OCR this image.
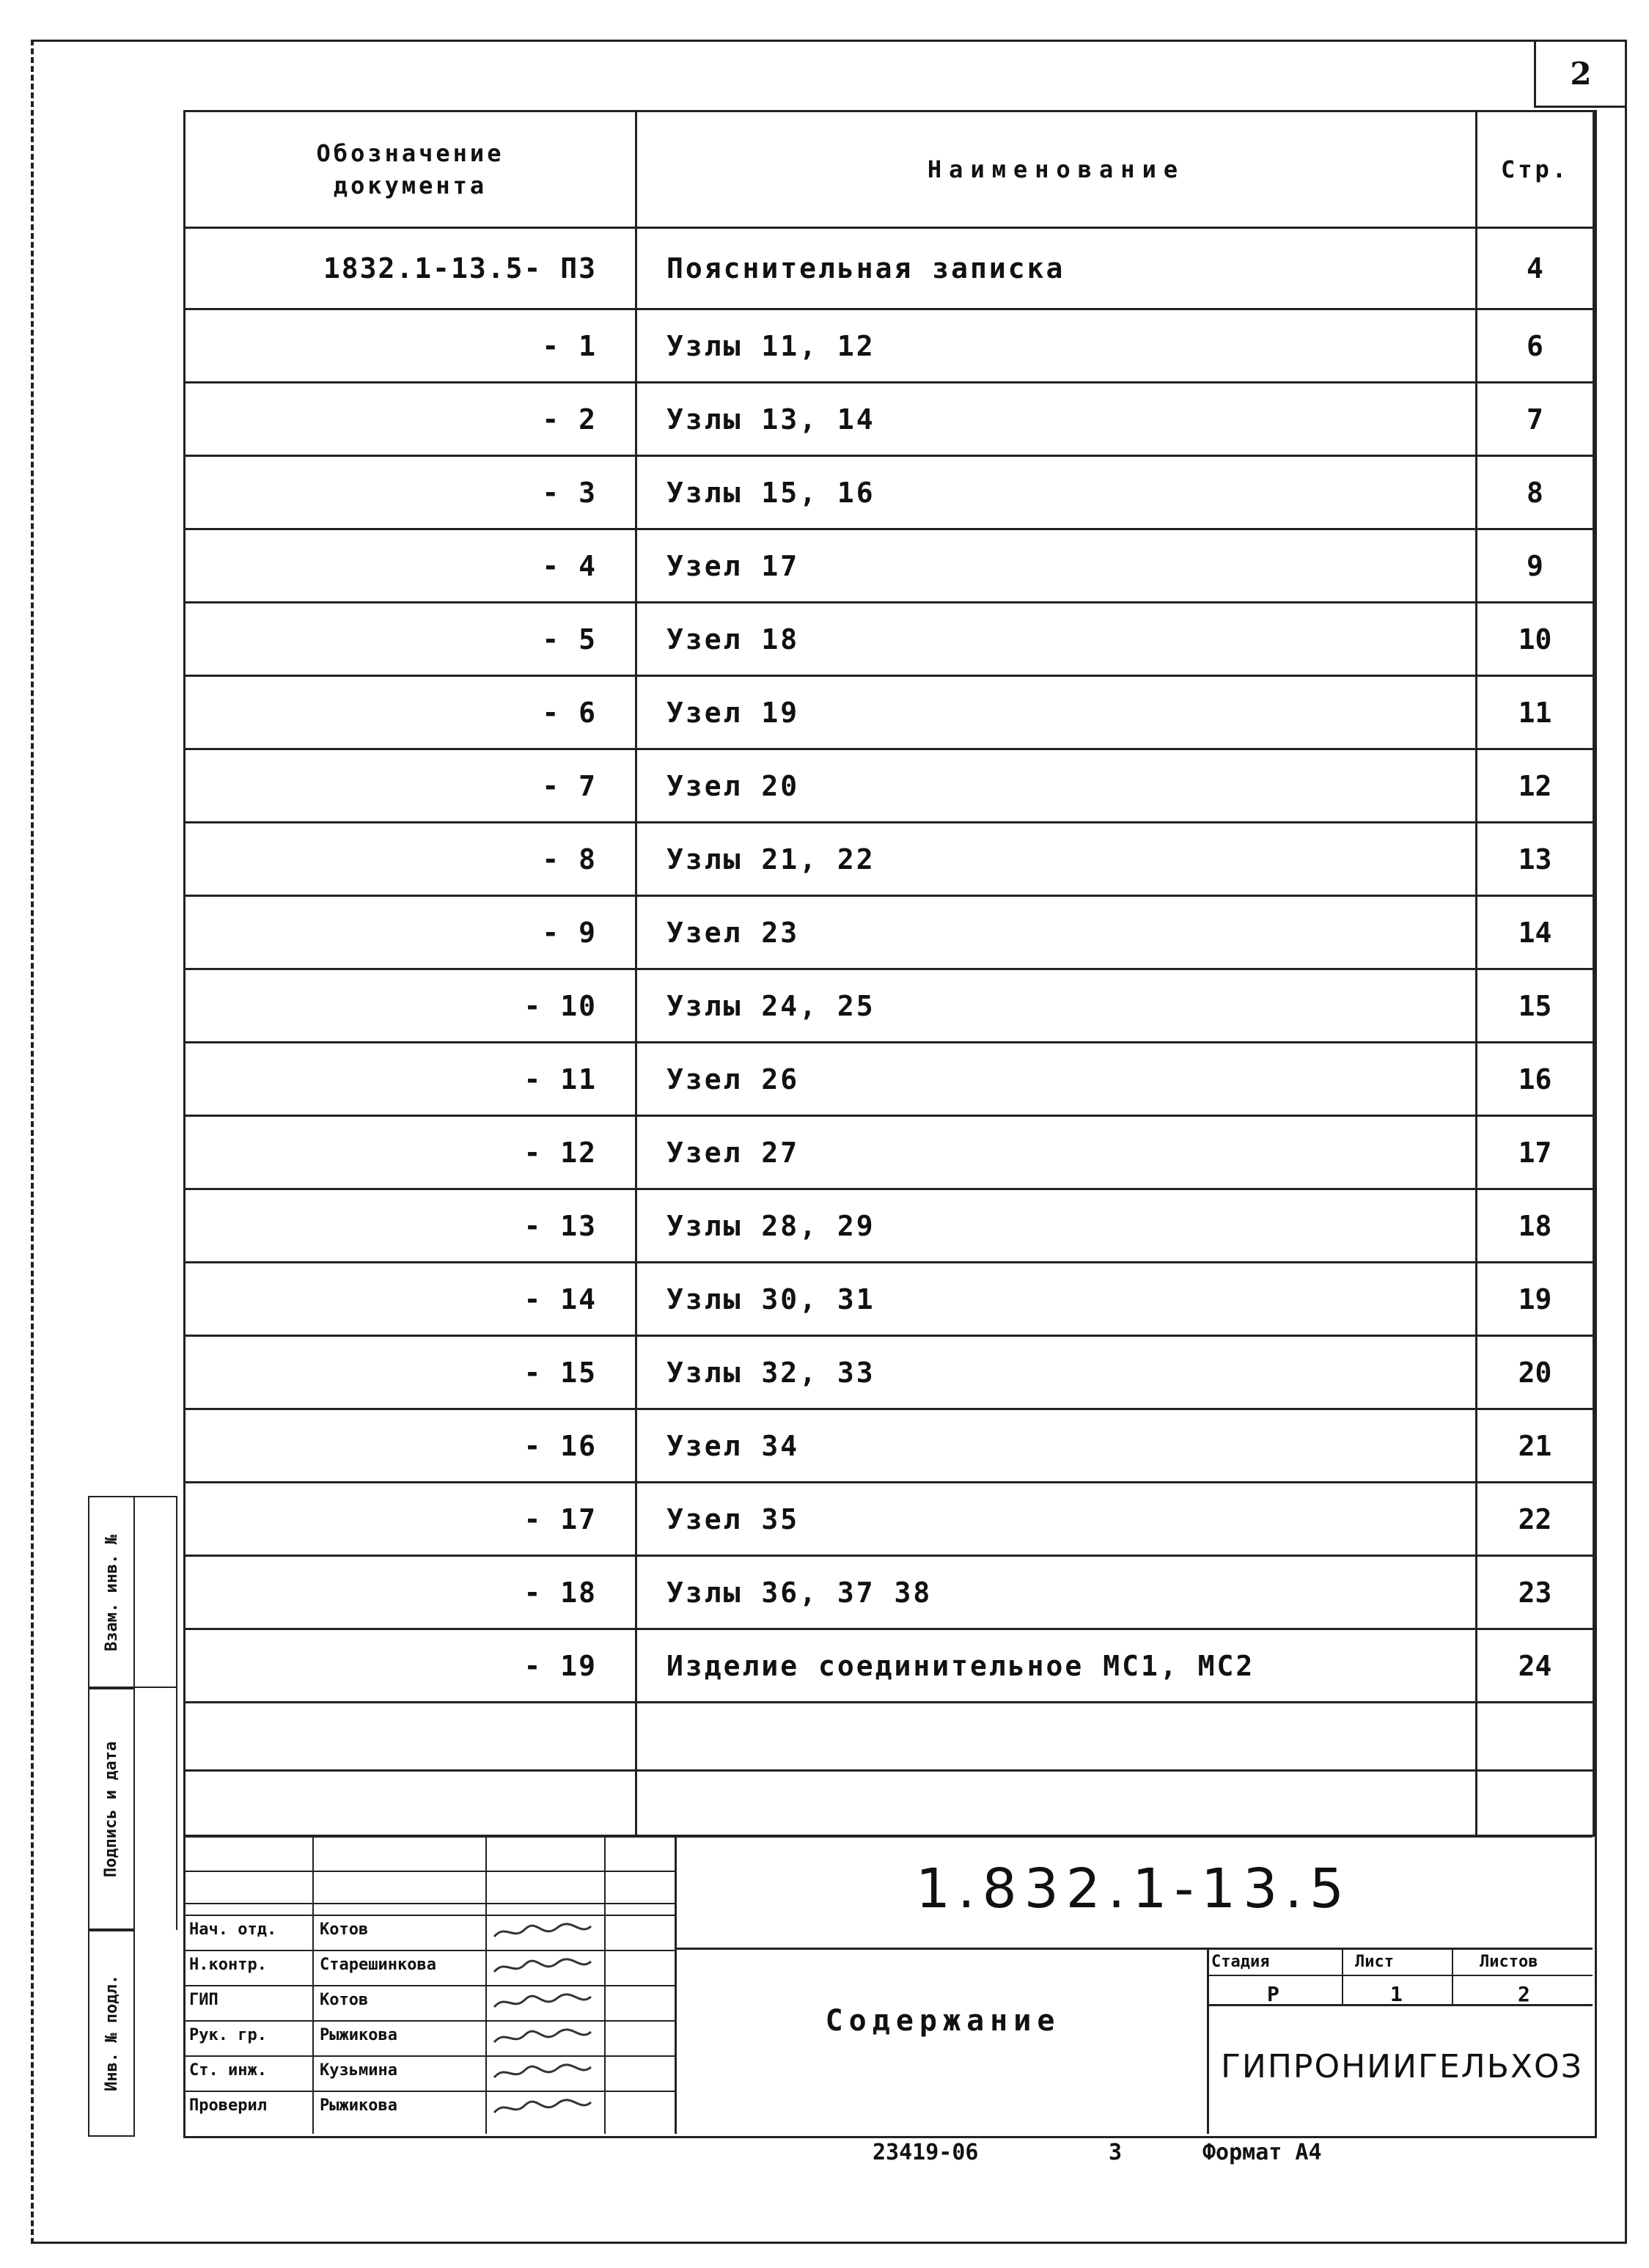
2
Обозначение документа	Наименование	Стр.
1832.1-13.5- ПЗ	Пояснительная записка	4
- 1	Узлы 11, 12	6
- 2	Узлы 13, 14	7
- 3	Узлы 15, 16	8
- 4	Узел 17	9
- 5	Узел 18	10
- 6	Узел 19	11
- 7	Узел 20	12
- 8	Узлы 21, 22	13
- 9	Узел 23	14
- 10	Узлы 24, 25	15
- 11	Узел 26	16
- 12	Узел 27	17
- 13	Узлы 28, 29	18
- 14	Узлы 30, 31	19
- 15	Узлы 32, 33	20
- 16	Узел 34	21
- 17	Узел 35	22
- 18	Узлы 36, 37 38	23
- 19	Изделие соединительное МС1, МС2	24

Взам. инв. №
Подпись и дата
Инв. № подл.
Нач. отд.	Котов
Н.контр.	Старешинкова
ГИП	Котов
Рук. гр.	Рыжикова
Ст. инж.	Кузьмина
Проверил	Рыжикова
1.832.1-13.5
Содержание
Стадия	Лист	Листов
Р	1	2
ГИПРОНИИГЕЛЬХОЗ
23419-06	3	Формат А4
